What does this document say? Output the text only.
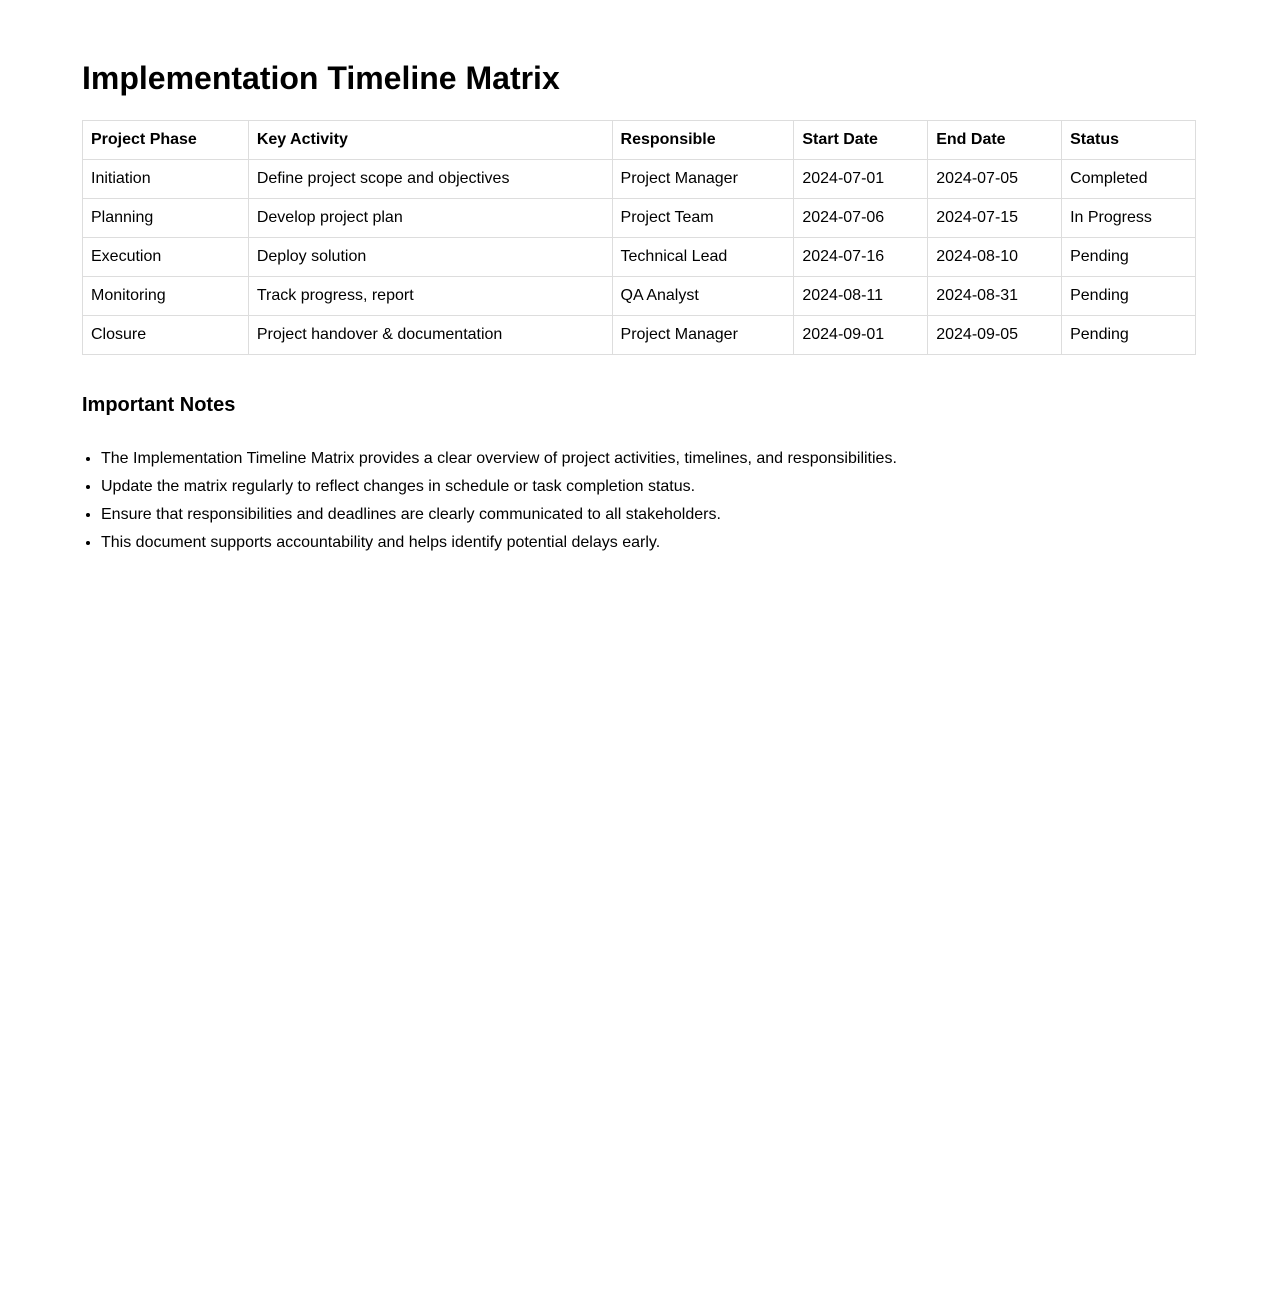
Implementation Timeline Matrix
Project Phase	Key Activity	Responsible	Start Date	End Date	Status
Initiation	Define project scope and objectives	Project Manager	2024-07-01	2024-07-05	Completed
Planning	Develop project plan	Project Team	2024-07-06	2024-07-15	In Progress
Execution	Deploy solution	Technical Lead	2024-07-16	2024-08-10	Pending
Monitoring	Track progress, report	QA Analyst	2024-08-11	2024-08-31	Pending
Closure	Project handover & documentation	Project Manager	2024-09-01	2024-09-05	Pending
Important Notes
• The Implementation Timeline Matrix provides a clear overview of project activities, timelines, and responsibilities.
• Update the matrix regularly to reflect changes in schedule or task completion status.
• Ensure that responsibilities and deadlines are clearly communicated to all stakeholders.
• This document supports accountability and helps identify potential delays early.
